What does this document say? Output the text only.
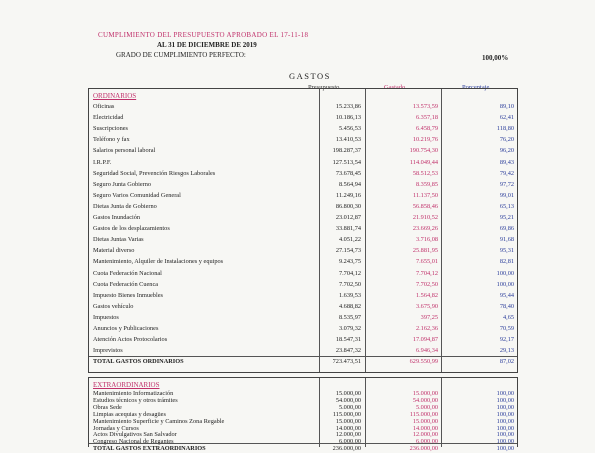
CUMPLIMIENTO DEL PRESUPUESTO APROBADO EL 17-11-18
AL 31 DE DICIEMBRE DE 2019
GRADO DE CUMPLIMIENTO PERFECTO:	100,00%
GASTOS
Presupuesto	Gastado	Porcentaje
ORDINARIOS
Oficinas	15.233,86	13.573,59	89,10
Electricidad	10.186,13	6.357,18	62,41
Suscripciones	5.456,53	6.458,79	118,80
Teléfono y fax	13.410,53	10.219,76	76,20
Salarios personal laboral	198.287,37	190.754,30	96,20
I.R.P.F.	127.513,54	114.049,44	89,43
Seguridad Social, Prevención Riesgos Laborales	73.678,45	58.512,53	79,42
Seguro Junta Gobierno	8.564,94	8.359,85	97,72
Seguro Varios Comunidad General	11.249,16	11.137,50	99,01
Dietas Junta de Gobierno	86.800,30	56.858,46	65,13
Gastos Inundación	23.012,87	21.910,52	95,21
Gastos de los desplazamientos	33.881,74	23.669,26	69,86
Dietas Juntas Varias	4.051,22	3.716,08	91,68
Material diverso	27.154,73	25.881,95	95,31
Mantenimiento, Alquiler de Instalaciones y equipos	9.243,75	7.655,01	82,81
Cuota Federación Nacional	7.704,12	7.704,12	100,00
Cuota Federación Cuenca	7.702,50	7.702,50	100,00
Impuesto Bienes Inmuebles	1.639,53	1.564,82	95,44
Gastos vehículo	4.688,82	3.675,90	78,40
Impuestos	8.535,97	397,25	4,65
Anuncios y Publicaciones	3.079,32	2.162,36	70,59
Atención Actos Protocolarios	18.547,31	17.094,87	92,17
Imprevistos	23.847,32	6.946,34	29,13
TOTAL GASTOS ORDINARIOS	723.473,51	629.550,99	87,02
EXTRAORDINARIOS
Mantenimiento Informatización	15.000,00	15.000,00	100,00
Estudios técnicos y otros trámites	54.000,00	54.000,00	100,00
Obras Sede	5.000,00	5.000,00	100,00
Limpias acequias y desagües	115.000,00	115.000,00	100,00
Mantenimiento Superficie y Caminos Zona Regable	15.000,00	15.000,00	100,00
Jornadas y Cursos	14.000,00	14.000,00	100,00
Actos Divulgativos San Salvador	12.000,00	12.000,00	100,00
Congreso Nacional de Regantes	6.000,00	6.000,00	100,00
TOTAL GASTOS EXTRAORDINARIOS	236.000,00	236.000,00	100,00
